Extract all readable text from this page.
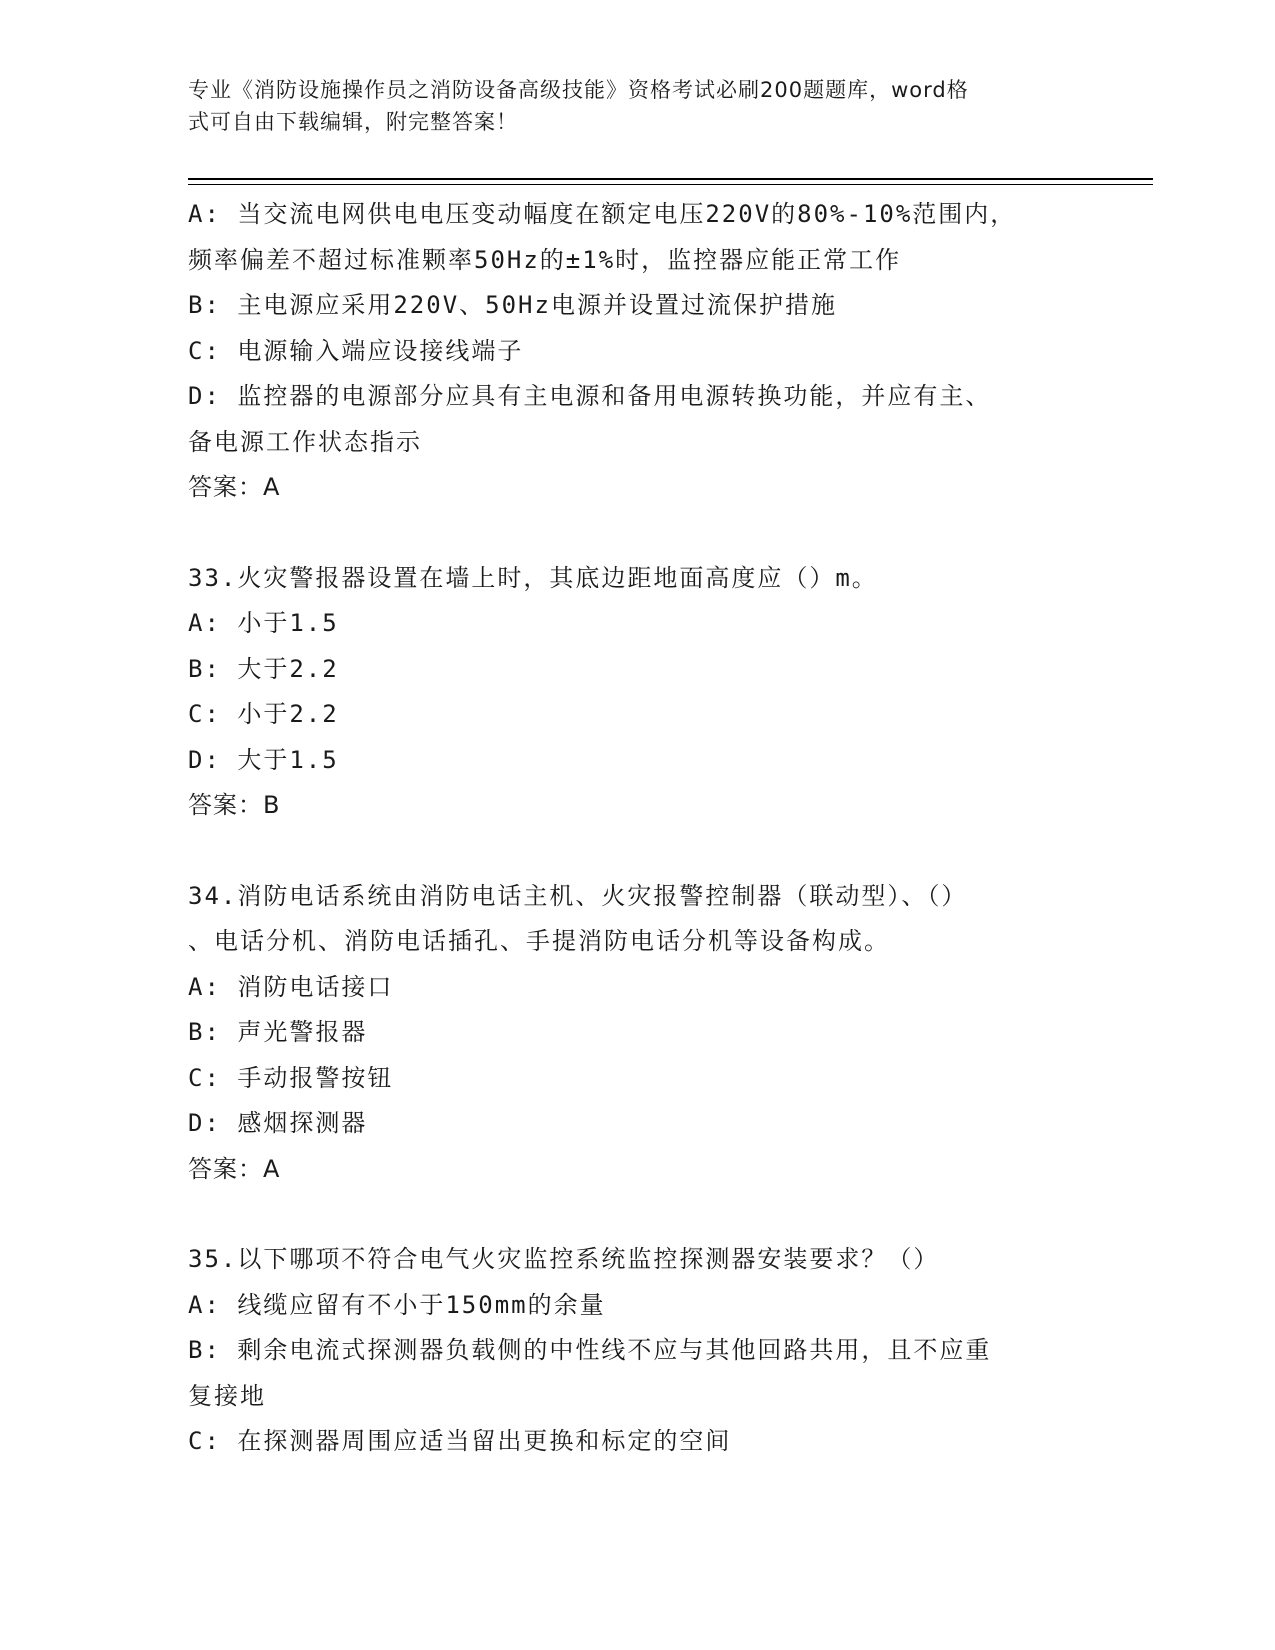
专业《消防设施操作员之消防设备高级技能》资格考试必刷200题题库，word格
式可自由下载编辑，附完整答案！
A: 当交流电网供电电压变动幅度在额定电压220V的80%-10%范围内，
频率偏差不超过标准颗率50Hz的±1%时，监控器应能正常工作
B: 主电源应采用220V、50Hz电源并设置过流保护措施
C: 电源输入端应设接线端子
D: 监控器的电源部分应具有主电源和备用电源转换功能，并应有主、
备电源工作状态指示
答案：A
33.火灾警报器设置在墙上时，其底边距地面高度应（）m。
A: 小于1.5
B: 大于2.2
C: 小于2.2
D: 大于1.5
答案：B
34.消防电话系统由消防电话主机、火灾报警控制器（联动型）、（）
、电话分机、消防电话插孔、手提消防电话分机等设备构成。
A: 消防电话接口
B: 声光警报器
C: 手动报警按钮
D: 感烟探测器
答案：A
35.以下哪项不符合电气火灾监控系统监控探测器安装要求？（）
A: 线缆应留有不小于150mm的余量
B: 剩余电流式探测器负载侧的中性线不应与其他回路共用，且不应重
复接地
C: 在探测器周围应适当留出更换和标定的空间
